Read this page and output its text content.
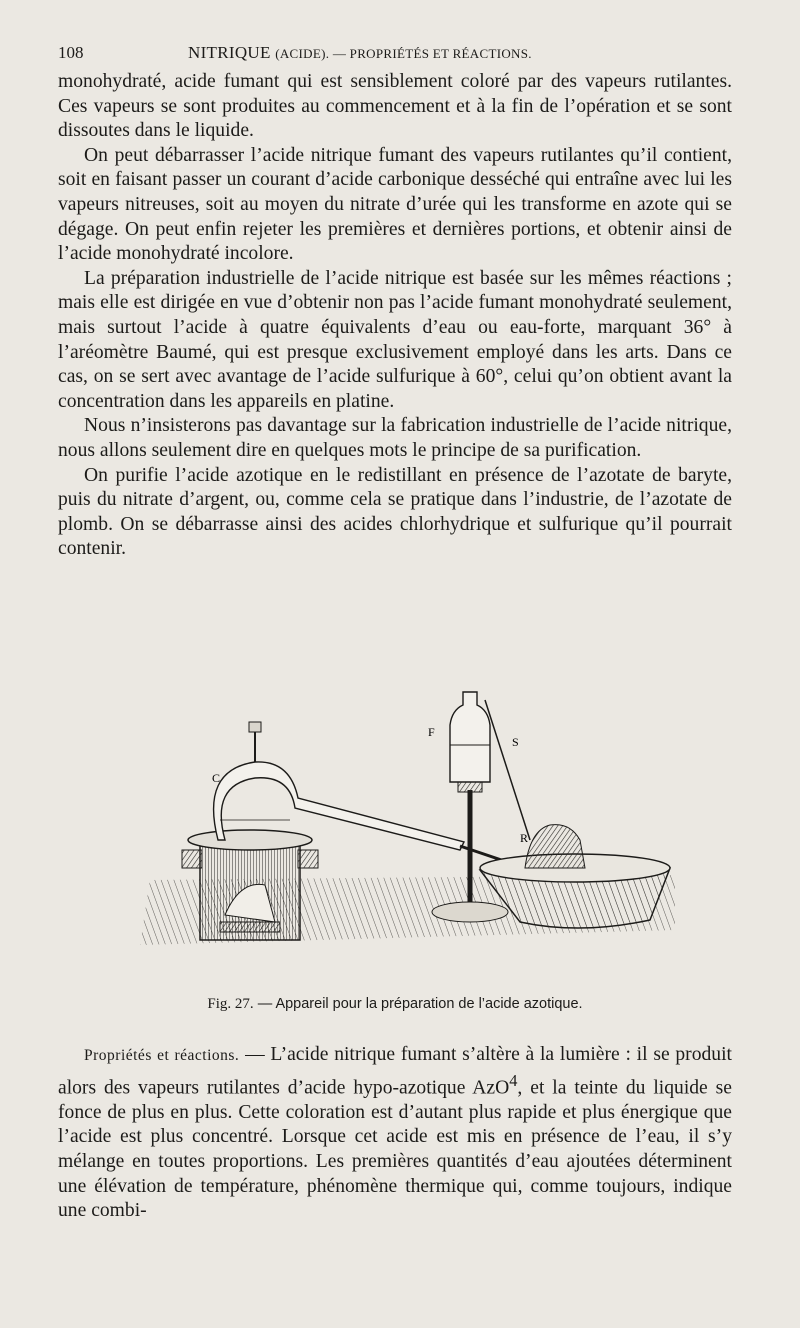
108	NITRIQUE (ACIDE). — PROPRIÉTÉS ET RÉACTIONS.

monohydraté, acide fumant qui est sensiblement coloré par des vapeurs rutilantes. Ces vapeurs se sont produites au commencement et à la fin de l’opération et se sont dissoutes dans le liquide.

On peut débarrasser l’acide nitrique fumant des vapeurs rutilantes qu’il contient, soit en faisant passer un courant d’acide carbonique desséché qui entraîne avec lui les vapeurs nitreuses, soit au moyen du nitrate d’urée qui les transforme en azote qui se dégage. On peut enfin rejeter les premières et dernières portions, et obtenir ainsi de l’acide monohydraté incolore.

La préparation industrielle de l’acide nitrique est basée sur les mêmes réactions ; mais elle est dirigée en vue d’obtenir non pas l’acide fumant monohydraté seulement, mais surtout l’acide à quatre équivalents d’eau ou eau-forte, marquant 36° à l’aréomètre Baumé, qui est presque exclusivement employé dans les arts. Dans ce cas, on se sert avec avantage de l’acide sulfurique à 60°, celui qu’on obtient avant la concentration dans les appareils en platine.

Nous n’insisterons pas davantage sur la fabrication industrielle de l’acide nitrique, nous allons seulement dire en quelques mots le principe de sa purification.

On purifie l’acide azotique en le redistillant en présence de l’azotate de baryte, puis du nitrate d’argent, ou, comme cela se pratique dans l’industrie, de l’azotate de plomb. On se débarrasse ainsi des acides chlorhydrique et sulfurique qu’il pourrait contenir.

C
F
S
R
Fig. 27. — Appareil pour la préparation de l’acide azotique.

Propriétés et réactions. — L’acide nitrique fumant s’altère à la lumière : il se produit alors des vapeurs rutilantes d’acide hypo-azotique AzO$^4$, et la teinte du liquide se fonce de plus en plus. Cette coloration est d’autant plus rapide et plus énergique que l’acide est plus concentré. Lorsque cet acide est mis en présence de l’eau, il s’y mélange en toutes proportions. Les premières quantités d’eau ajoutées déterminent une élévation de température, phénomène thermique qui, comme toujours, indique une combi-
